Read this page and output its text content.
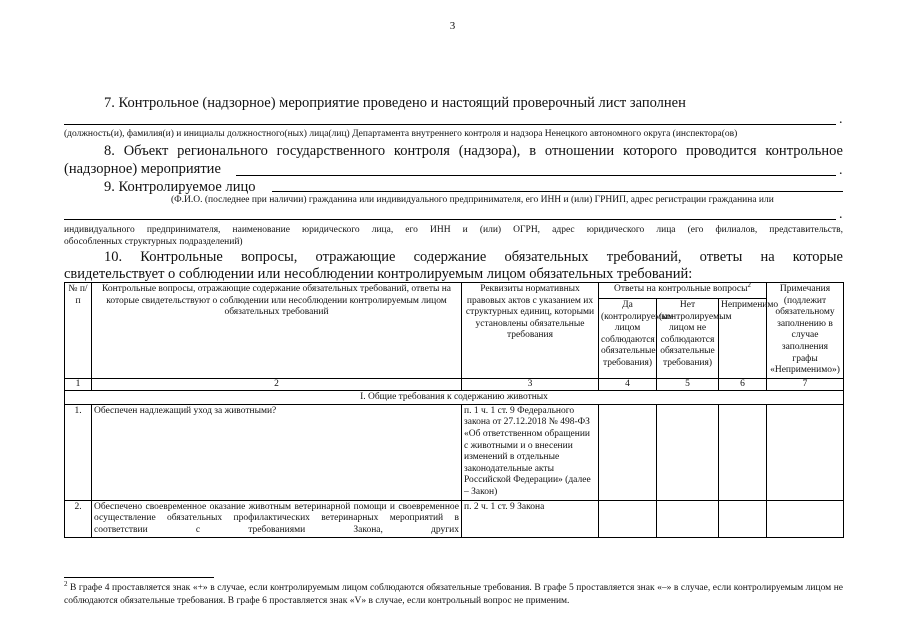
3
7. Контрольное (надзорное) мероприятие проведено и настоящий проверочный лист заполнен
.
(должность(и), фамилия(и) и инициалы должностного(ных) лица(лиц) Департамента внутреннего контроля и надзора Ненецкого автономного округа (инспектора(ов)
8. Объект регионального государственного контроля (надзора), в отношении которого проводится контрольное
(надзорное) мероприятие	.
9. Контролируемое лицо
(Ф.И.О. (последнее при наличии) гражданина или индивидуального предпринимателя, его ИНН и (или) ГРНИП, адрес регистрации гражданина или
.
индивидуального предпринимателя, наименование юридического лица, его ИНН и (или) ОГРН, адрес юридического лица (его филиалов, представительств,
обособленных структурных подразделений)
10. Контрольные вопросы, отражающие содержание обязательных требований, ответы на которые
свидетельствует о соблюдении или несоблюдении контролируемым лицом обязательных требований:
№ п/п	Контрольные вопросы, отражающие содержание обязательных требований, ответы на которые свидетельствуют о соблюдении или несоблюдении контролируемым лицом обязательных требований	Реквизиты нормативных правовых актов с указанием их структурных единиц, которыми установлены обязательные требования	Ответы на контрольные вопросы$^2$			Примечания (подлежит обязательному заполнению в случае заполнения графы «Неприменимо»)
			Да (контролируемым лицом соблюдаются обязательные требования)	Нет (контролируемым лицом не соблюдаются обязательные требования)	Неприменимо	
1	2	3	4	5	6	7
I. Общие требования к содержанию животных						
1.	Обеспечен надлежащий уход за животными?	п. 1 ч. 1 ст. 9 Федерального закона от 27.12.2018 № 498-ФЗ «Об ответственном обращении с животными и о внесении изменений в отдельные законодательные акты Российской Федерации» (далее – Закон)				
2.	Обеспечено своевременное оказание животным ветеринарной помощи и своевременное осуществление обязательных профилактических ветеринарных мероприятий в соответствии с требованиями Закона, других	п. 2 ч. 1 ст. 9 Закона				
$^2$ В графе 4 проставляется знак «+» в случае, если контролируемым лицом соблюдаются обязательные требования. В графе 5 проставляется знак «–» в случае, если контролируемым лицом не соблюдаются обязательные требования. В графе 6 проставляется знак «V» в случае, если контрольный вопрос не применим.
